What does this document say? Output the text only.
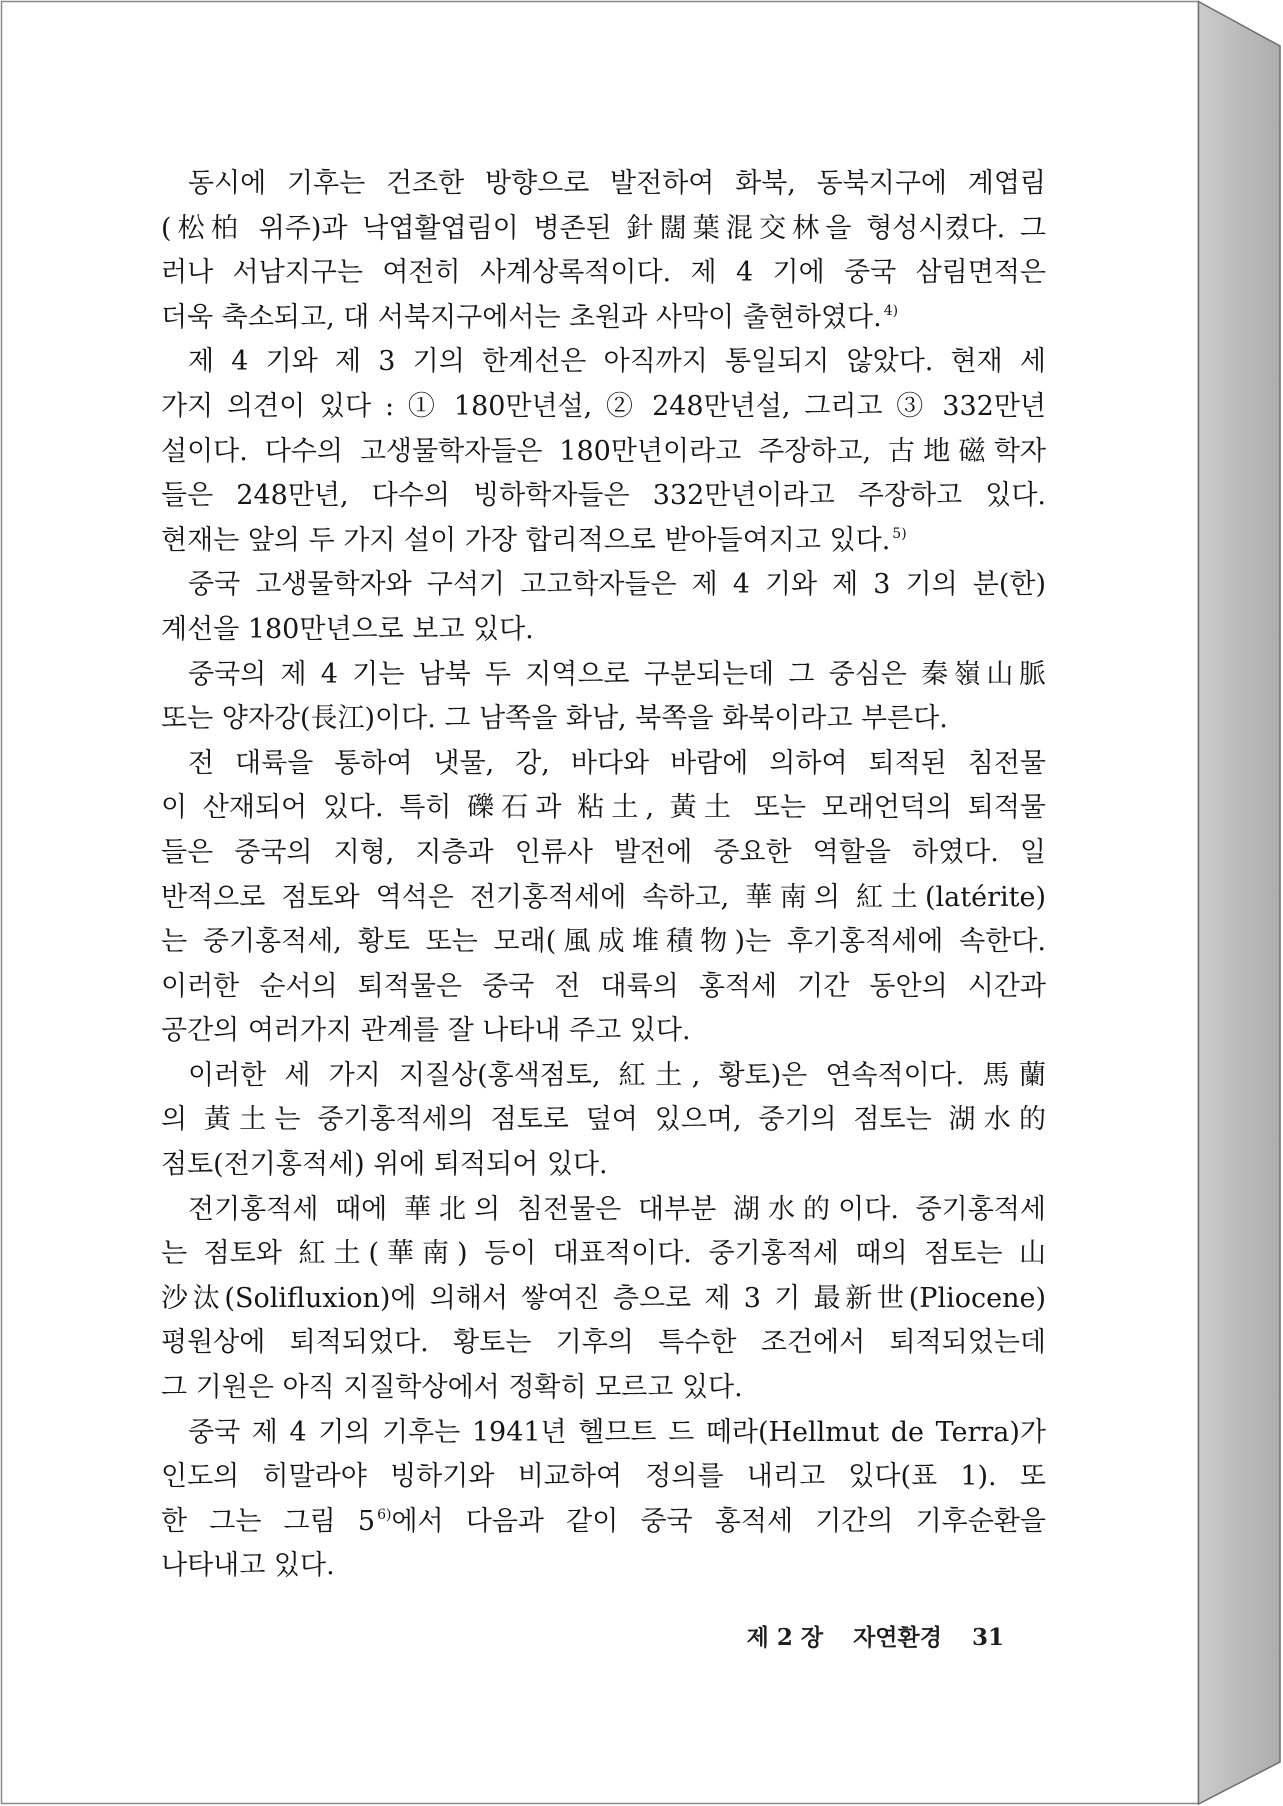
동시에 기후는 건조한 방향으로 발전하여 화북, 동북지구에 계엽림
(松柏 위주)과 낙엽활엽림이 병존된 針闊葉混交林을 형성시켰다. 그
러나 서남지구는 여전히 사계상록적이다. 제 4 기에 중국 삼림면적은
더욱 축소되고, 대 서북지구에서는 초원과 사막이 출현하였다. $^{4)}$
제 4 기와 제 3 기의 한계선은 아직까지 통일되지 않았다. 현재 세
가지 의견이 있다 : ① 180만년설, ② 248만년설, 그리고 ③ 332만년
설이다. 다수의 고생물학자들은 180만년이라고 주장하고, 古地磁학자
들은 248만년, 다수의 빙하학자들은 332만년이라고 주장하고 있다.
현재는 앞의 두 가지 설이 가장 합리적으로 받아들여지고 있다. $^{5)}$
중국 고생물학자와 구석기 고고학자들은 제 4 기와 제 3 기의 분(한)
계선을 180만년으로 보고 있다.
중국의 제 4 기는 남북 두 지역으로 구분되는데 그 중심은 秦嶺山脈
또는 양자강(長江)이다. 그 남쪽을 화남, 북쪽을 화북이라고 부른다.
전 대륙을 통하여 냇물, 강, 바다와 바람에 의하여 퇴적된 침전물
이 산재되어 있다. 특히 礫石과 粘土, 黃土 또는 모래언덕의 퇴적물
들은 중국의 지형, 지층과 인류사 발전에 중요한 역할을 하였다. 일
반적으로 점토와 역석은 전기홍적세에 속하고, 華南의 紅土(latérite)
는 중기홍적세, 황토 또는 모래(風成堆積物)는 후기홍적세에 속한다.
이러한 순서의 퇴적물은 중국 전 대륙의 홍적세 기간 동안의 시간과
공간의 여러가지 관계를 잘 나타내 주고 있다.
이러한 세 가지 지질상(홍색점토, 紅土, 황토)은 연속적이다. 馬蘭
의 黃土는 중기홍적세의 점토로 덮여 있으며, 중기의 점토는 湖水的
점토(전기홍적세) 위에 퇴적되어 있다.
전기홍적세 때에 華北의 침전물은 대부분 湖水的이다. 중기홍적세
는 점토와 紅土(華南) 등이 대표적이다. 중기홍적세 때의 점토는 山
沙汰(Solifluxion)에 의해서 쌓여진 층으로 제 3 기 最新世(Pliocene)
평원상에 퇴적되었다. 황토는 기후의 특수한 조건에서 퇴적되었는데
그 기원은 아직 지질학상에서 정확히 모르고 있다.
중국 제 4 기의 기후는 1941년 헬므트 드 떼라(Hellmut de Terra)가
인도의 히말라야 빙하기와 비교하여 정의를 내리고 있다(표 1). 또
한 그는 그림 5 $^{6)}$에서 다음과 같이 중국 홍적세 기간의 기후순환을
나타내고 있다.
제 2 장 자연환경 31
